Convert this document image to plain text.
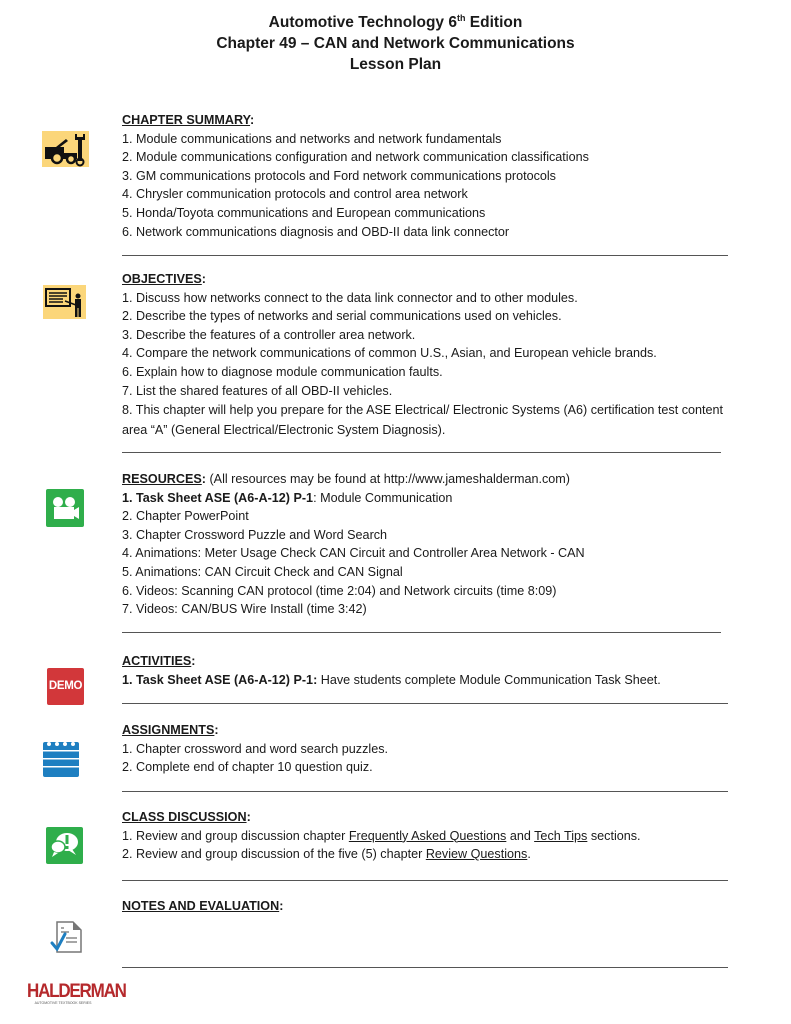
Automotive Technology 6th Edition
Chapter 49 – CAN and Network Communications
Lesson Plan
CHAPTER SUMMARY:
1. Module communications and networks and network fundamentals
2. Module communications configuration and network communication classifications
3. GM communications protocols and Ford network communications protocols
4. Chrysler communication protocols and control area network
5. Honda/Toyota communications and European communications
6. Network communications diagnosis and OBD-II data link connector
OBJECTIVES:
1. Discuss how networks connect to the data link connector and to other modules.
2. Describe the types of networks and serial communications used on vehicles.
3. Describe the features of a controller area network.
4. Compare the network communications of common U.S., Asian, and European vehicle brands.
6. Explain how to diagnose module communication faults.
7. List the shared features of all OBD-II vehicles.
8. This chapter will help you prepare for the ASE Electrical/ Electronic Systems (A6) certification test content area “A” (General Electrical/Electronic System Diagnosis).
RESOURCES: (All resources may be found at http://www.jameshalderman.com)
1. Task Sheet ASE (A6-A-12) P-1: Module Communication
2. Chapter PowerPoint
3. Chapter Crossword Puzzle and Word Search
4. Animations: Meter Usage Check CAN Circuit and Controller Area Network - CAN
5. Animations: CAN Circuit Check and CAN Signal
6. Videos: Scanning CAN protocol (time 2:04) and Network circuits (time 8:09)
7. Videos: CAN/BUS Wire Install (time 3:42)
DEMO
ACTIVITIES:
1. Task Sheet ASE (A6-A-12) P-1: Have students complete Module Communication Task Sheet.
ASSIGNMENTS:
1. Chapter crossword and word search puzzles.
2. Complete end of chapter 10 question quiz.
CLASS DISCUSSION:
1. Review and group discussion chapter Frequently Asked Questions and Tech Tips sections.
2. Review and group discussion of the five (5) chapter Review Questions.
NOTES AND EVALUATION:
HALDERMAN
AUTOMOTIVE TEXTBOOK SERIES
